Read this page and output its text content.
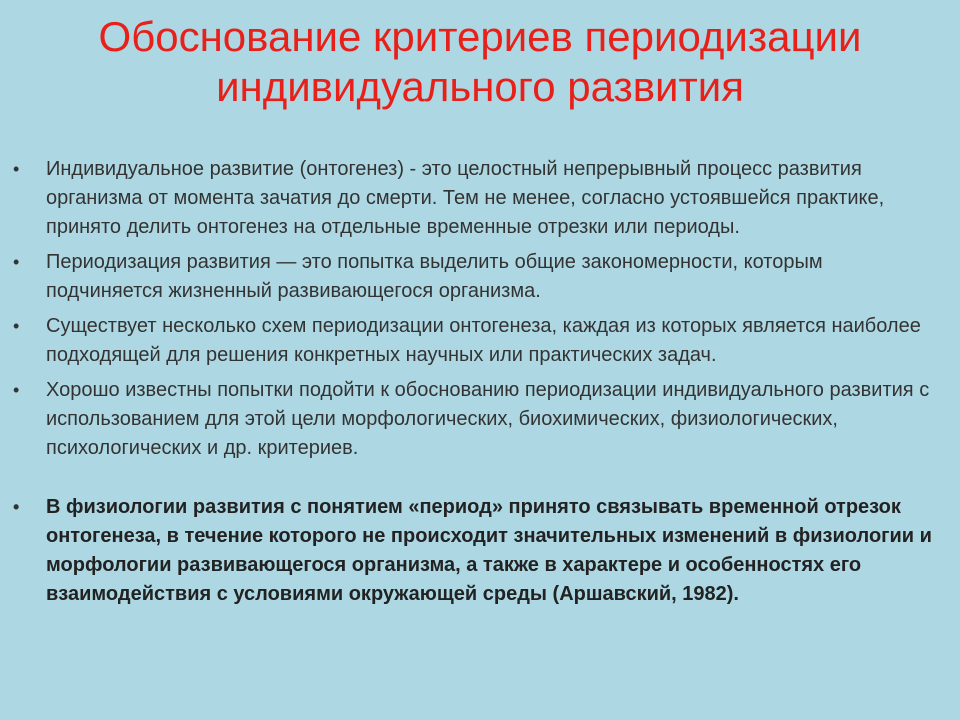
Обоснование критериев периодизации
индивидуального развития
• Индивидуальное развитие (онтогенез) - это целостный непрерывный процесс развития организма от момента зачатия до смерти. Тем не менее, согласно устоявшейся практике, принято делить онтогенез на отдельные временные отрезки или периоды.
• Периодизация развития — это попытка выделить общие закономерности, которым подчиняется жизненный развивающегося организма.
• Существует несколько схем периодизации онтогенеза, каждая из которых является наиболее подходящей для решения конкретных научных или практических задач.
• Хорошо известны попытки подойти к обоснованию периодизации индивидуального развития с использованием для этой цели морфологических, биохимических, физиологических, психологических и др. критериев.
• В физиологии развития с понятием «период» принято связывать временной отрезок онтогенеза, в течение которого не происходит значительных изменений в физиологии и морфологии развивающегося организма, а также в характере и особенностях его взаимодействия с условиями окружающей среды (Аршавский, 1982).
